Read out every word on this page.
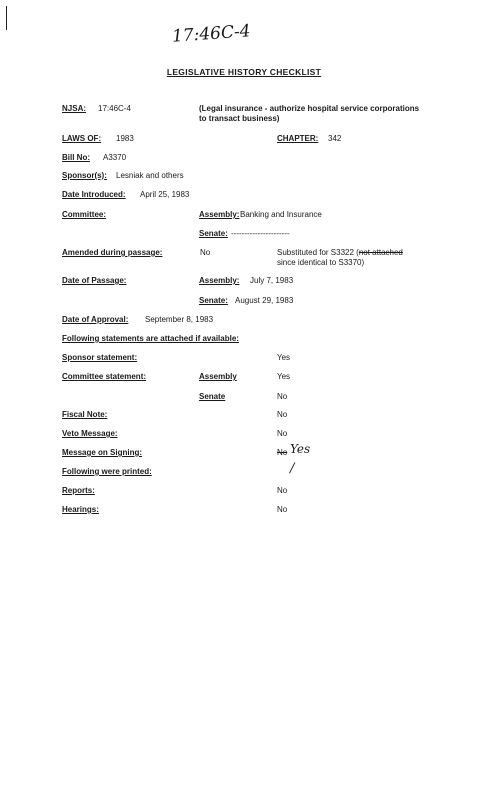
17:46C-4
LEGISLATIVE HISTORY CHECKLIST
NJSA: 17:46C-4	(Legal insurance - authorize hospital service corporations
to transact business)
LAWS OF: 1983	CHAPTER: 342
Bill No: A3370
Sponsor(s): Lesniak and others
Date Introduced: April 25, 1983
Committee:	Assembly: Banking and Insurance
Senate: ----------------------
Amended during passage:	No	Substituted for S3322 (not attached
since identical to S3370)
Date of Passage:	Assembly: July 7, 1983
Senate: August 29, 1983
Date of Approval: September 8, 1983
Following statements are attached if available:
Sponsor statement:	Yes
Committee statement:	Assembly	Yes
Senate	No
Fiscal Note:	No
Veto Message:	No
Message on Signing:	No Yes
Following were printed:	/
Reports:	No
Hearings:	No
